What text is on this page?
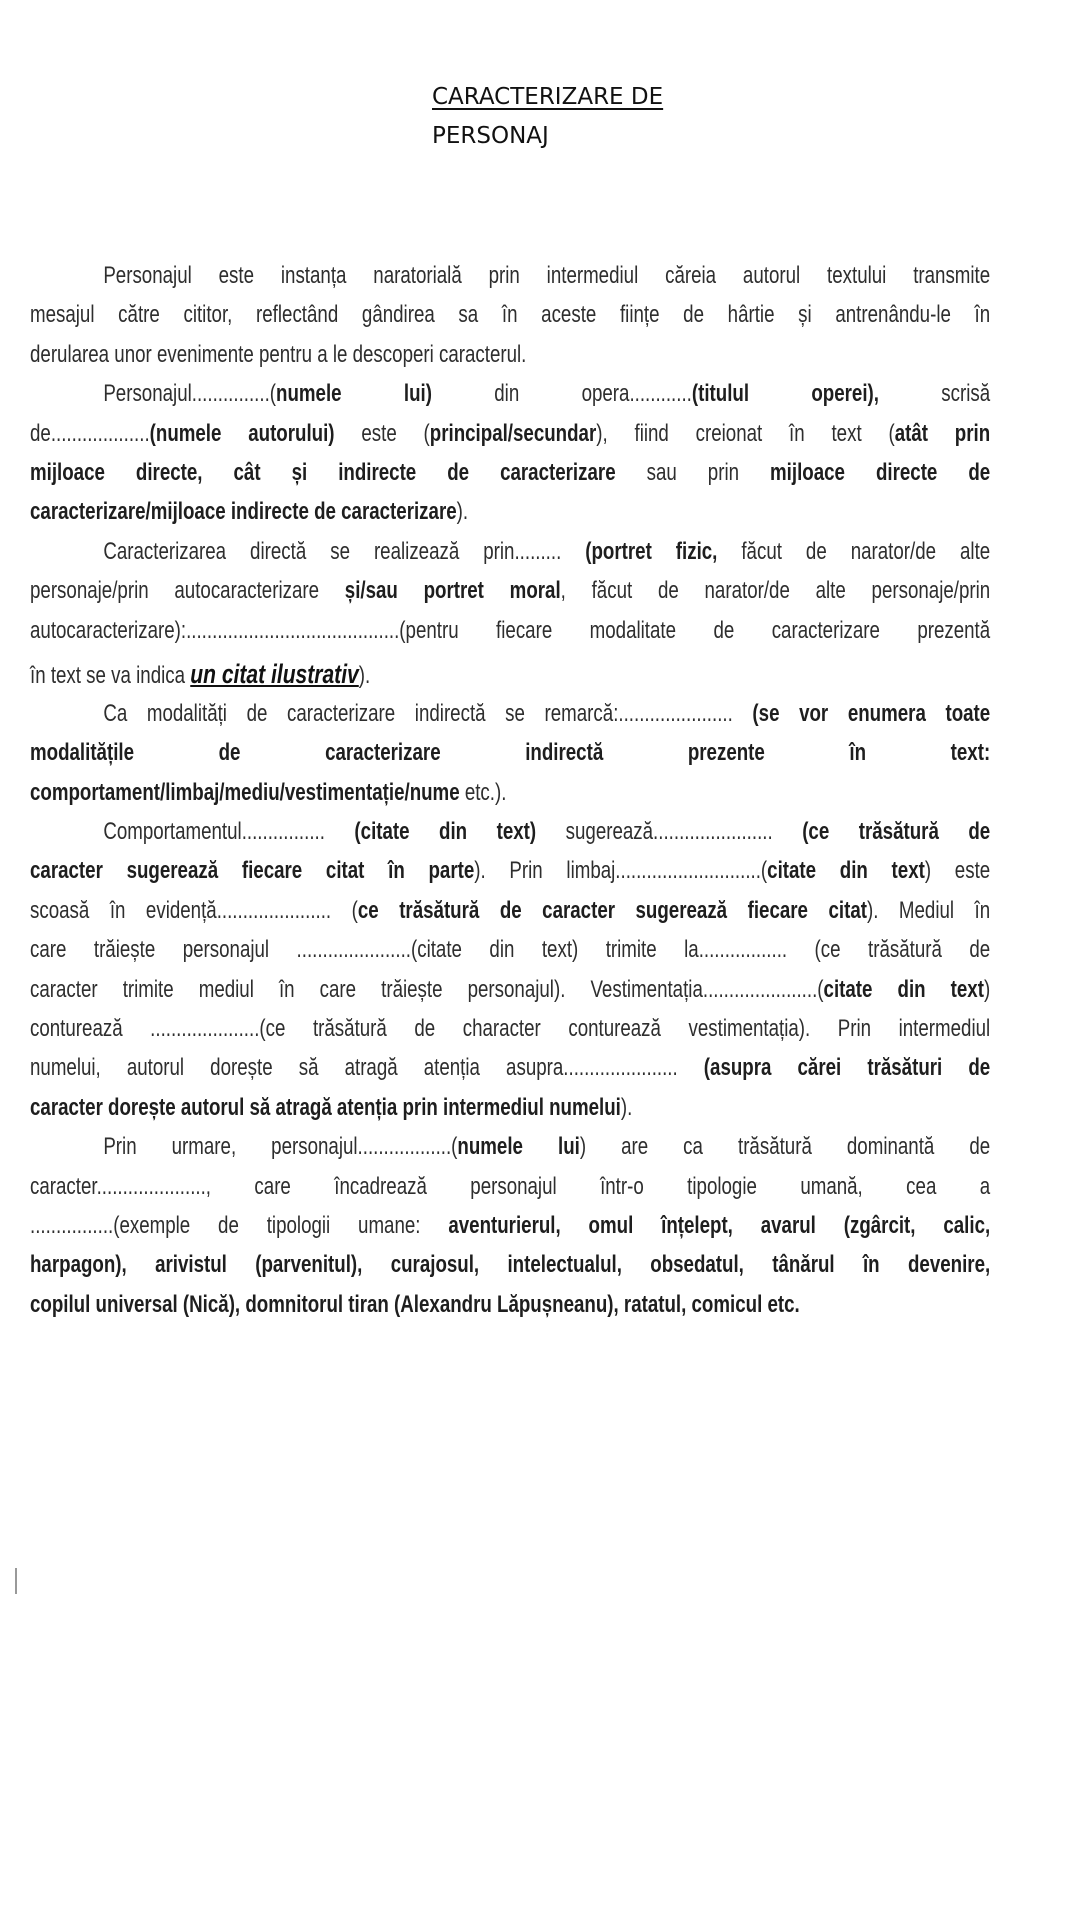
CARACTERIZARE DE
PERSONAJ
Personajul este instanța naratorială prin intermediul căreia autorul textului transmite
mesajul către cititor, reflectând gândirea sa în aceste ființe de hârtie și antrenându-le în
derularea unor evenimente pentru a le descoperi caracterul.
Personajul...............(numele lui) din opera............(titulul operei), scrisă
de...................(numele autorului) este (principal/secundar), fiind creionat în text (atât prin
mijloace directe, cât și indirecte de caracterizare sau prin mijloace directe de
caracterizare/mijloace indirecte de caracterizare).
Caracterizarea directă se realizează prin......... (portret fizic, făcut de narator/de alte
personaje/prin autocaracterizare și/sau portret moral, făcut de narator/de alte personaje/prin
autocaracterizare):.........................................(pentru fiecare modalitate de caracterizare prezentă
în text se va indica un citat ilustrativ).
Ca modalități de caracterizare indirectă se remarcă:...................... (se vor enumera toate
modalitățile de caracterizare indirectă prezente în text:
comportament/limbaj/mediu/vestimentație/nume etc.).
Comportamentul................ (citate din text) sugerează....................... (ce trăsătură de
caracter sugerează fiecare citat în parte). Prin limbaj............................(citate din text) este
scoasă în evidență...................... (ce trăsătură de caracter sugerează fiecare citat). Mediul în
care trăiește personajul ......................(citate din text) trimite la................. (ce trăsătură de
caracter trimite mediul în care trăiește personajul). Vestimentația......................(citate din text)
conturează .....................(ce trăsătură de character conturează vestimentația). Prin intermediul
numelui, autorul dorește să atragă atenția asupra...................... (asupra cărei trăsături de
caracter dorește autorul să atragă atenția prin intermediul numelui).
Prin urmare, personajul..................(numele lui) are ca trăsătură dominantă de
caracter....................., care încadrează personajul într-o tipologie umană, cea a
................(exemple de tipologii umane: aventurierul, omul înțelept, avarul (zgârcit, calic,
harpagon), arivistul (parvenitul), curajosul, intelectualul, obsedatul, tânărul în devenire,
copilul universal (Nică), domnitorul tiran (Alexandru Lăpușneanu), ratatul, comicul etc.
